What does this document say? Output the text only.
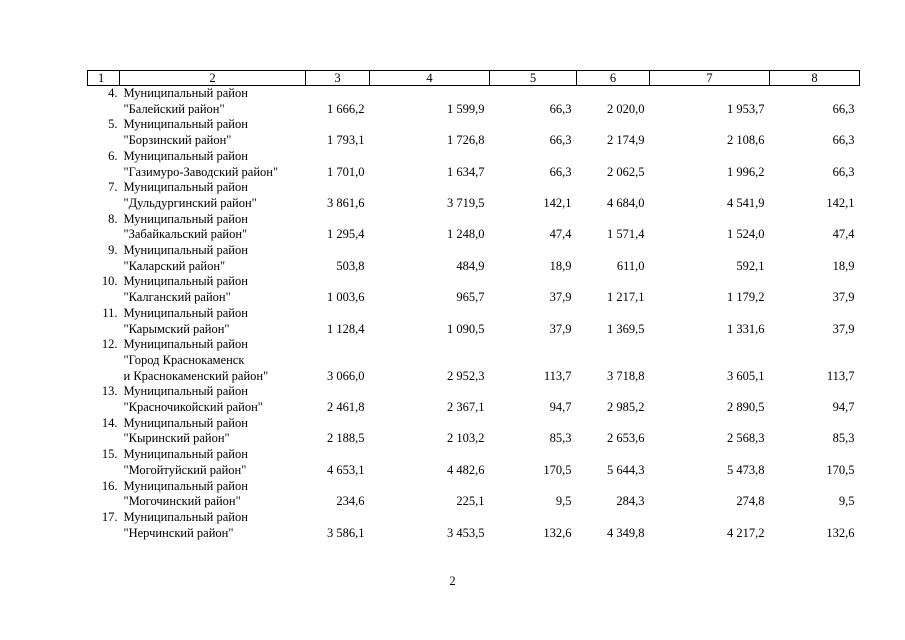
1	2	3	4	5	6	7	8
4.	Муниципальный район
"Балейский район"	1 666,2	1 599,9	66,3	2 020,0	1 953,7	66,3
5.	Муниципальный район
"Борзинский район"	1 793,1	1 726,8	66,3	2 174,9	2 108,6	66,3
6.	Муниципальный район
"Газимуро-Заводский район"	1 701,0	1 634,7	66,3	2 062,5	1 996,2	66,3
7.	Муниципальный район
"Дульдургинский район"	3 861,6	3 719,5	142,1	4 684,0	4 541,9	142,1
8.	Муниципальный район
"Забайкальский район"	1 295,4	1 248,0	47,4	1 571,4	1 524,0	47,4
9.	Муниципальный район
"Каларский район"	503,8	484,9	18,9	611,0	592,1	18,9
10.	Муниципальный район
"Калганский район"	1 003,6	965,7	37,9	1 217,1	1 179,2	37,9
11.	Муниципальный район
"Карымский район"	1 128,4	1 090,5	37,9	1 369,5	1 331,6	37,9
12.	Муниципальный район
"Город Краснокаменск
и Краснокаменский район"	3 066,0	2 952,3	113,7	3 718,8	3 605,1	113,7
13.	Муниципальный район
"Красночикойский район"	2 461,8	2 367,1	94,7	2 985,2	2 890,5	94,7
14.	Муниципальный район
"Кыринский район"	2 188,5	2 103,2	85,3	2 653,6	2 568,3	85,3
15.	Муниципальный район
"Могойтуйский район"	4 653,1	4 482,6	170,5	5 644,3	5 473,8	170,5
16.	Муниципальный район
"Могочинский район"	234,6	225,1	9,5	284,3	274,8	9,5
17.	Муниципальный район
"Нерчинский район"	3 586,1	3 453,5	132,6	4 349,8	4 217,2	132,6
2
